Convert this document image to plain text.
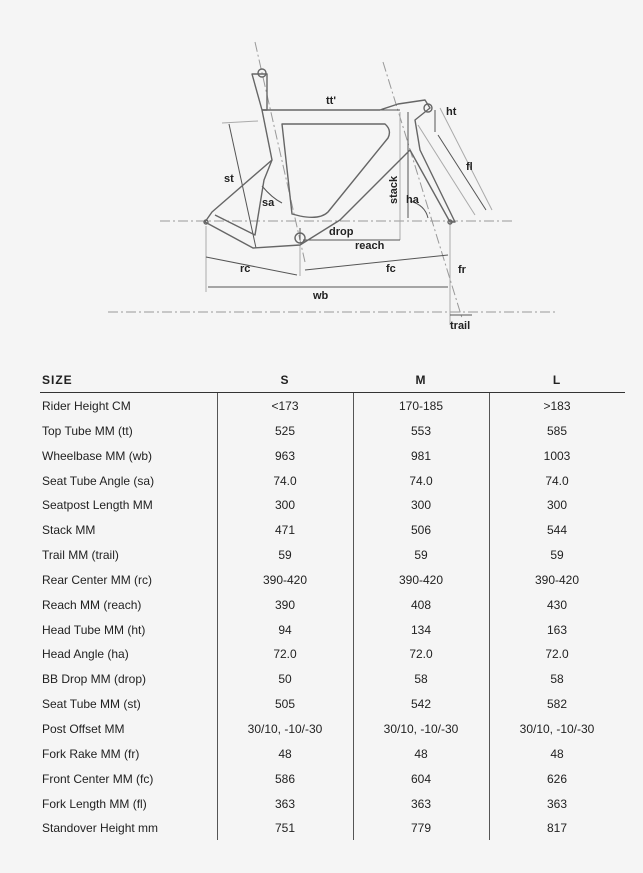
tt'
ht
fl
st
sa	stack ha
drop
reach
rc	fc	fr
wb
trail
SIZE	S	M	L
Rider Height CM	<173	170-185	>183
Top Tube MM (tt)	525	553	585
Wheelbase MM (wb)	963	981	1003
Seat Tube Angle (sa)	74.0	74.0	74.0
Seatpost Length MM	300	300	300
Stack MM	471	506	544
Trail MM (trail)	59	59	59
Rear Center MM (rc)	390-420	390-420	390-420
Reach MM (reach)	390	408	430
Head Tube MM (ht)	94	134	163
Head Angle (ha)	72.0	72.0	72.0
BB Drop MM (drop)	50	58	58
Seat Tube MM (st)	505	542	582
Post Offset MM	30/10, -10/-30	30/10, -10/-30	30/10, -10/-30
Fork Rake MM (fr)	48	48	48
Front Center MM (fc)	586	604	626
Fork Length MM (fl)	363	363	363
Standover Height mm	751	779	817
